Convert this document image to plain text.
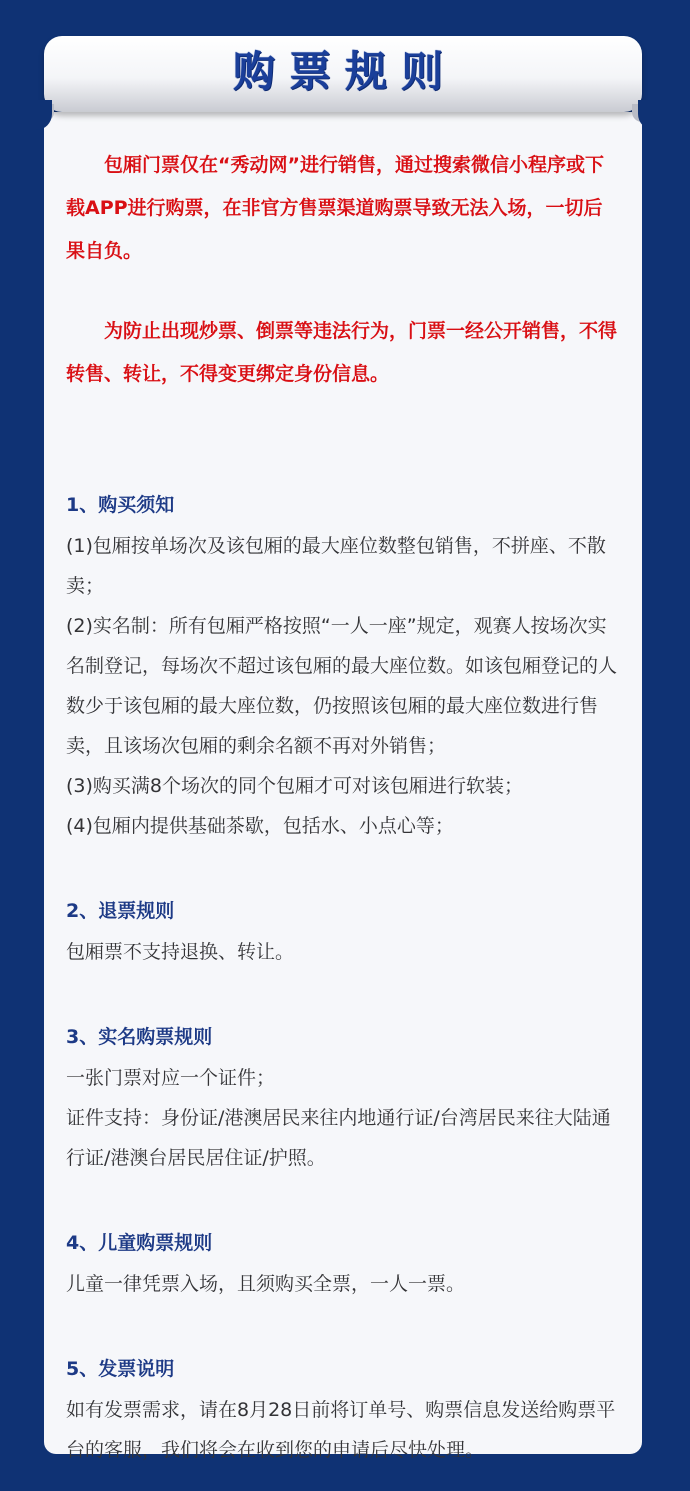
购票规则

包厢门票仅在“秀动网”进行销售，通过搜索微信小程序或下载APP进行购票，在非官方售票渠道购票导致无法入场，一切后果自负。

为防止出现炒票、倒票等违法行为，门票一经公开销售，不得转售、转让，不得变更绑定身份信息。

1、购买须知

(1)包厢按单场次及该包厢的最大座位数整包销售，不拼座、不散卖；

(2)实名制：所有包厢严格按照“一人一座”规定，观赛人按场次实名制登记，每场次不超过该包厢的最大座位数。如该包厢登记的人数少于该包厢的最大座位数，仍按照该包厢的最大座位数进行售卖，且该场次包厢的剩余名额不再对外销售；

(3)购买满8个场次的同个包厢才可对该包厢进行软装；

(4)包厢内提供基础茶歇，包括水、小点心等；

2、退票规则

包厢票不支持退换、转让。

3、实名购票规则

一张门票对应一个证件；

证件支持：身份证/港澳居民来往内地通行证/台湾居民来往大陆通行证/港澳台居民居住证/护照。

4、儿童购票规则

儿童一律凭票入场，且须购买全票，一人一票。

5、发票说明

如有发票需求，请在8月28日前将订单号、购票信息发送给购票平台的客服，我们将会在收到您的申请后尽快处理。
